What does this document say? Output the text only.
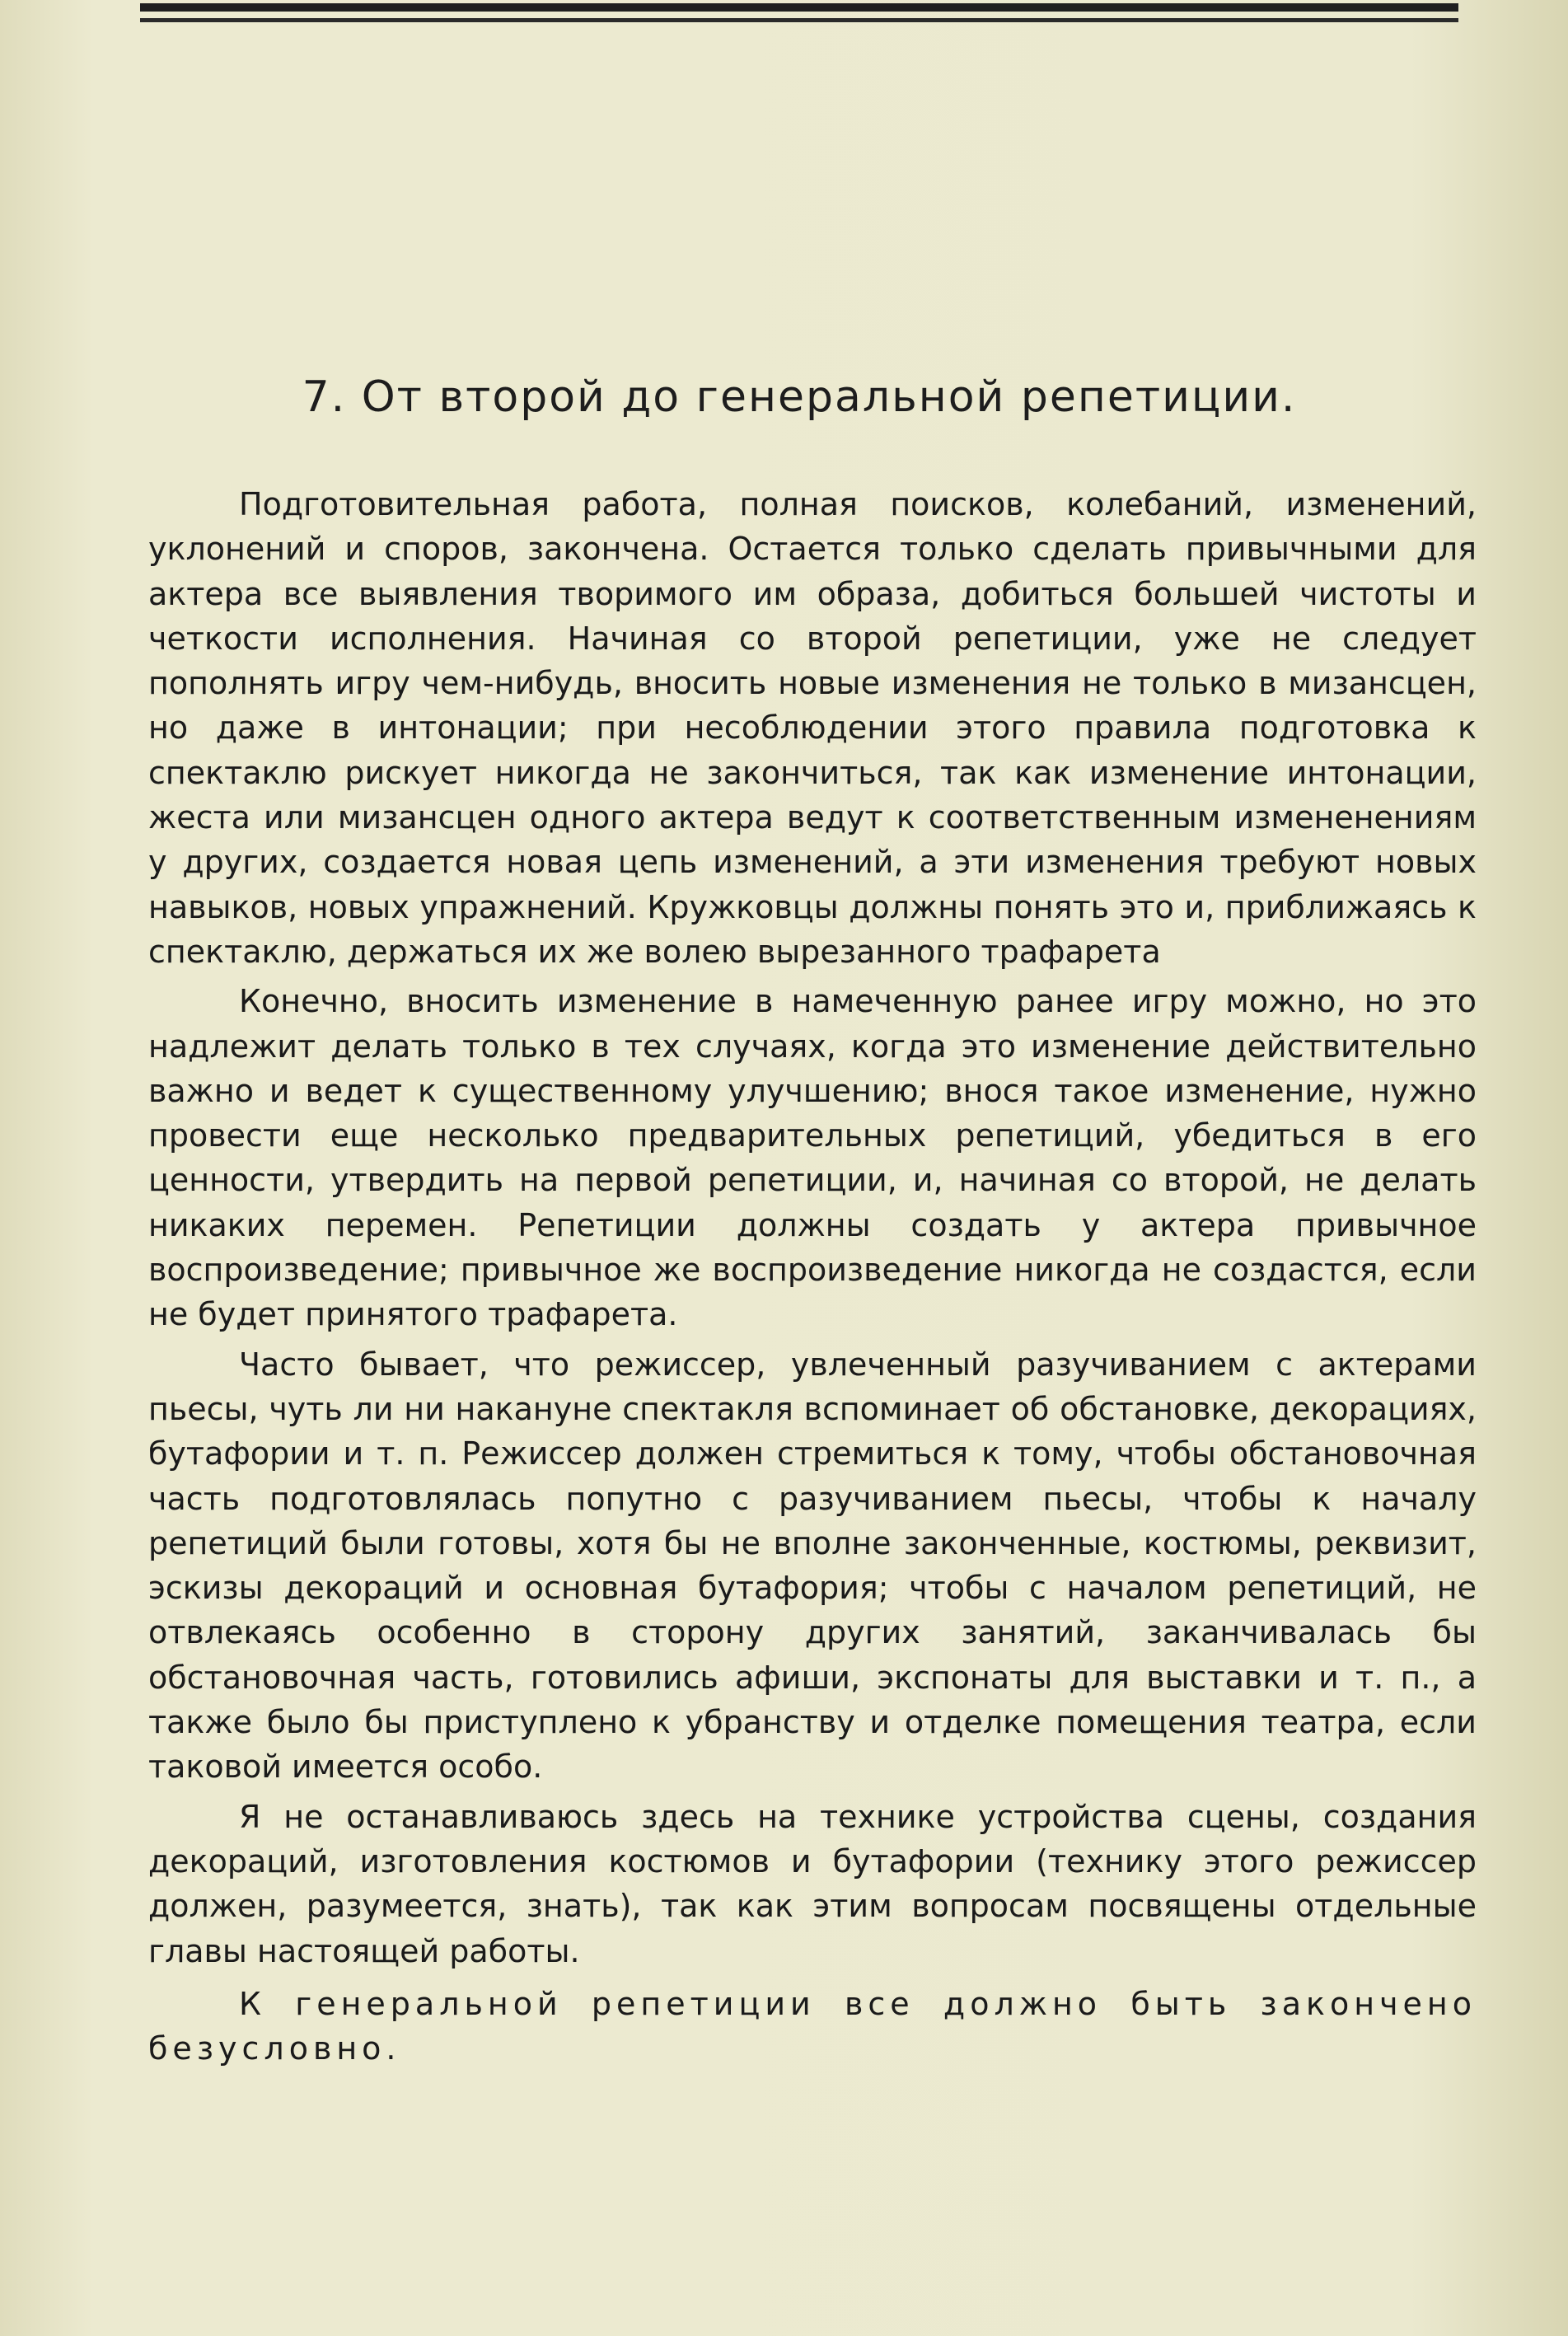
7. От второй до генеральной репетиции.

Подготовительная работа, полная поисков, колебаний, изменений, уклонений и споров, закончена. Остается только сделать привычными для актера все выявления творимого им образа, добиться большей чистоты и четкости исполнения. Начиная со второй репетиции, уже не следует пополнять игру чем-нибудь, вносить новые изменения не только в мизансцен, но даже в интонации; при несоблюдении этого правила подготовка к спектаклю рискует никогда не закончиться, так как изменение интонации, жеста или мизансцен одного актера ведут к соответственным измененениям у других, создается новая цепь изменений, а эти изменения требуют новых навыков, новых упражнений. Кружковцы должны понять это и, приближаясь к спектаклю, держаться их же волею вырезанного трафарета

Конечно, вносить изменение в намеченную ранее игру можно, но это надлежит делать только в тех случаях, когда это изменение действительно важно и ведет к существенному улучшению; внося такое изменение, нужно провести еще несколько предварительных репетиций, убедиться в его ценности, утвердить на первой репетиции, и, начиная со второй, не делать никаких перемен. Репетиции должны создать у актера привычное воспроизведение; привычное же воспроизведение никогда не создастся, если не будет принятого трафарета.

Часто бывает, что режиссер, увлеченный разучиванием с актерами пьесы, чуть ли ни накануне спектакля вспоминает об обстановке, декорациях, бутафории и т. п. Режиссер должен стремиться к тому, чтобы обстановочная часть подготовлялась попутно с разучиванием пьесы, чтобы к началу репетиций были готовы, хотя бы не вполне законченные, костюмы, реквизит, эскизы декораций и основная бутафория; чтобы с началом репетиций, не отвлекаясь особенно в сторону других занятий, заканчивалась бы обстановочная часть, готовились афиши, экспонаты для выставки и т. п., а также было бы приступлено к убранству и отделке помещения театра, если таковой имеется особо.

Я не останавливаюсь здесь на технике устройства сцены, создания декораций, изготовления костюмов и бутафории (технику этого режиссер должен, разумеется, знать), так как этим вопросам посвящены отдельные главы настоящей работы.

К генеральной репетиции все должно быть закончено безусловно.
